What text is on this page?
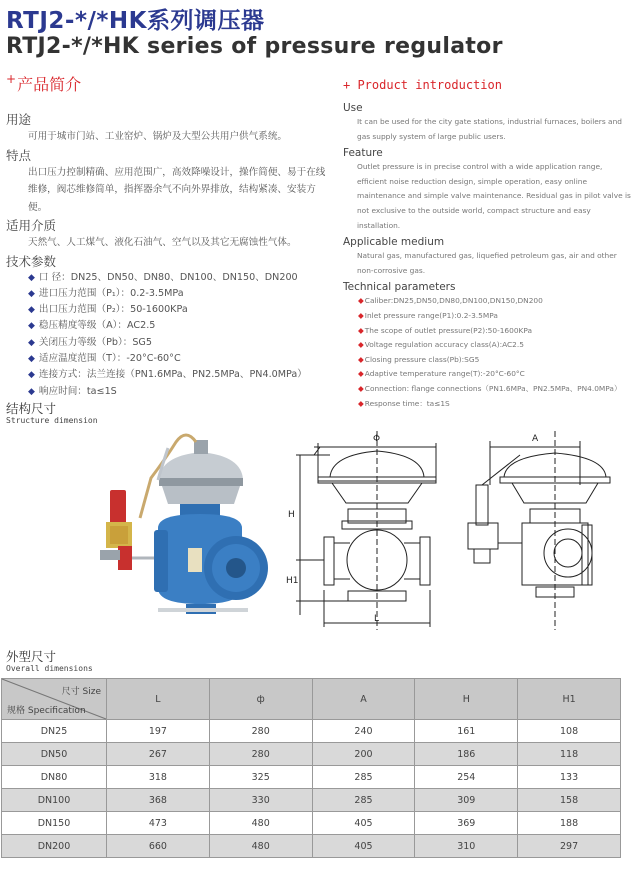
RTJ2-*/*HK系列调压器
RTJ2-*/*HK series of pressure regulator
+产品简介	+ Product introduction
用途
可用于城市门站、工业窑炉、锅炉及大型公共用户供气系统。
特点
出口压力控制精确、应用范围广，高效降噪设计，操作简便、易于在线维修，阀芯维修简单，指挥器余气不向外界排放，结构紧凑、安装方便。
适用介质
天然气、人工煤气、液化石油气、空气以及其它无腐蚀性气体。
技术参数
◆ 口 径：DN25、DN50、DN80、DN100、DN150、DN200
◆ 进口压力范围（P₁）：0.2-3.5MPa
◆ 出口压力范围（P₂）：50-1600KPa
◆ 稳压精度等级（A）：AC2.5
◆ 关闭压力等级（Pb）：SG5
◆ 适应温度范围（T）：-20°C-60°C
◆ 连接方式：法兰连接（PN1.6MPa、PN2.5MPa、PN4.0MPa）
◆ 响应时间：ta≤1S
Use
It can be used for the city gate stations, industrial furnaces, boilers and gas supply system of large public users.
Feature
Outlet pressure is in precise control with a wide application range, efficient noise reduction design, simple operation, easy online maintenance and simple valve maintenance. Residual gas in pilot valve is not exclusive to the outside world, compact structure and easy installation.
Applicable medium
Natural gas, manufactured gas, liquefied petroleum gas, air and other non-corrosive gas.
Technical parameters
◆Caliber:DN25,DN50,DN80,DN100,DN150,DN200
◆Inlet pressure range(P1):0.2-3.5MPa
◆The scope of outlet pressure(P2):50-1600KPa
◆Voltage regulation accuracy class(A):AC2.5
◆Closing pressure class(Pb):SG5
◆Adaptive temperature range(T):-20°C-60°C
◆Connection: flange connections（PN1.6MPa、PN2.5MPa、PN4.0MPa）
◆Response time：ta≤1S
结构尺寸
Structure dimension
Φ
H
H1
L
A
外型尺寸
Overall dimensions
尺寸 Size
规格 Specification	L	ф	A	H	H1
DN25	197	280	240	161	108
DN50	267	280	200	186	118
DN80	318	325	285	254	133
DN100	368	330	285	309	158
DN150	473	480	405	369	188
DN200	660	480	405	310	297
